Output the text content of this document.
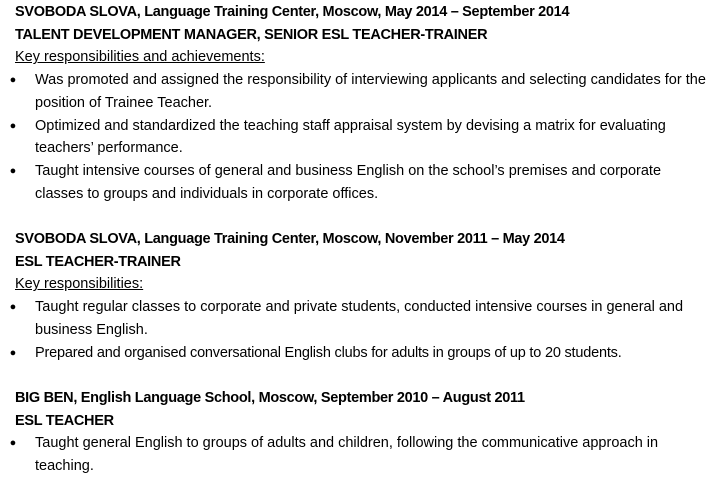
SVOBODA SLOVA, Language Training Center, Moscow, May 2014 – September 2014
TALENT DEVELOPMENT MANAGER, SENIOR ESL TEACHER-TRAINER
Key responsibilities and achievements:
●	Was promoted and assigned the responsibility of interviewing applicants and selecting candidates for the position of Trainee Teacher.
●	Optimized and standardized the teaching staff appraisal system by devising a matrix for evaluating teachers’ performance.
●	Taught intensive courses of general and business English on the school’s premises and corporate classes to groups and individuals in corporate offices.
SVOBODA SLOVA, Language Training Center, Moscow, November 2011 – May 2014
ESL TEACHER-TRAINER
Key responsibilities:
●	Taught regular classes to corporate and private students, conducted intensive courses in general and business English.
●	Prepared and organised conversational English clubs for adults in groups of up to 20 students.
BIG BEN, English Language School, Moscow, September 2010 – August 2011
ESL TEACHER
●	Taught general English to groups of adults and children, following the communicative approach in teaching.
